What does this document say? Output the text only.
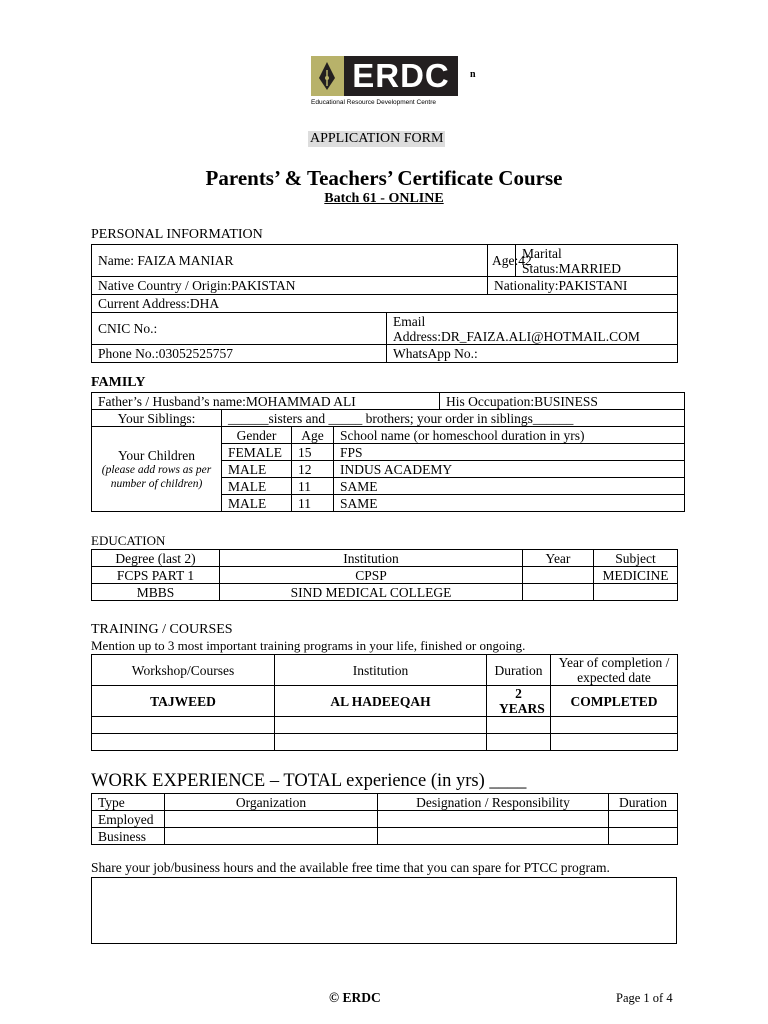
ERDC
Educational Resource Development Centre
n
APPLICATION FORM
Parents’ & Teachers’ Certificate Course
Batch 61 - ONLINE
PERSONAL INFORMATION
Name: FAIZA MANIAR		Age:42	Marital
Status:MARRIED

Native Country / Origin:PAKISTAN		Nationality:PAKISTANI	
Current Address:DHA			
CNIC No.:	Email
Address:DR_FAIZA.ALI@HOTMAIL.COM		

Phone No.:03052525757	WhatsApp No.:		
FAMILY
Father’s / Husband’s name:MOHAMMAD ALI				His Occupation:BUSINESS
Your Siblings:	______sisters and _____ brothers; your order in siblings______			

Your Children
(please add rows as per number of children)	Gender	Age	School name (or homeschool duration in yrs)	
	FEMALE	15	FPS	
	MALE	12	INDUS ACADEMY	
	MALE	11	SAME	
	MALE	11	SAME	
EDUCATION
Degree (last 2)	Institution	Year	Subject
FCPS PART 1	CPSP		MEDICINE
MBBS	SIND MEDICAL COLLEGE		
TRAINING / COURSES
Mention up to 3 most important training programs in your life, finished or ongoing.
Workshop/Courses	Institution	Duration	Year of completion / expected date
TAJWEED	AL HADEEQAH	2 YEARS	COMPLETED

WORK EXPERIENCE – TOTAL experience (in yrs) ____
Type	Organization	Designation / Responsibility	Duration
Employed			
Business			
Share your job/business hours and the available free time that you can spare for PTCC program.
© ERDC	Page 1 of 4
